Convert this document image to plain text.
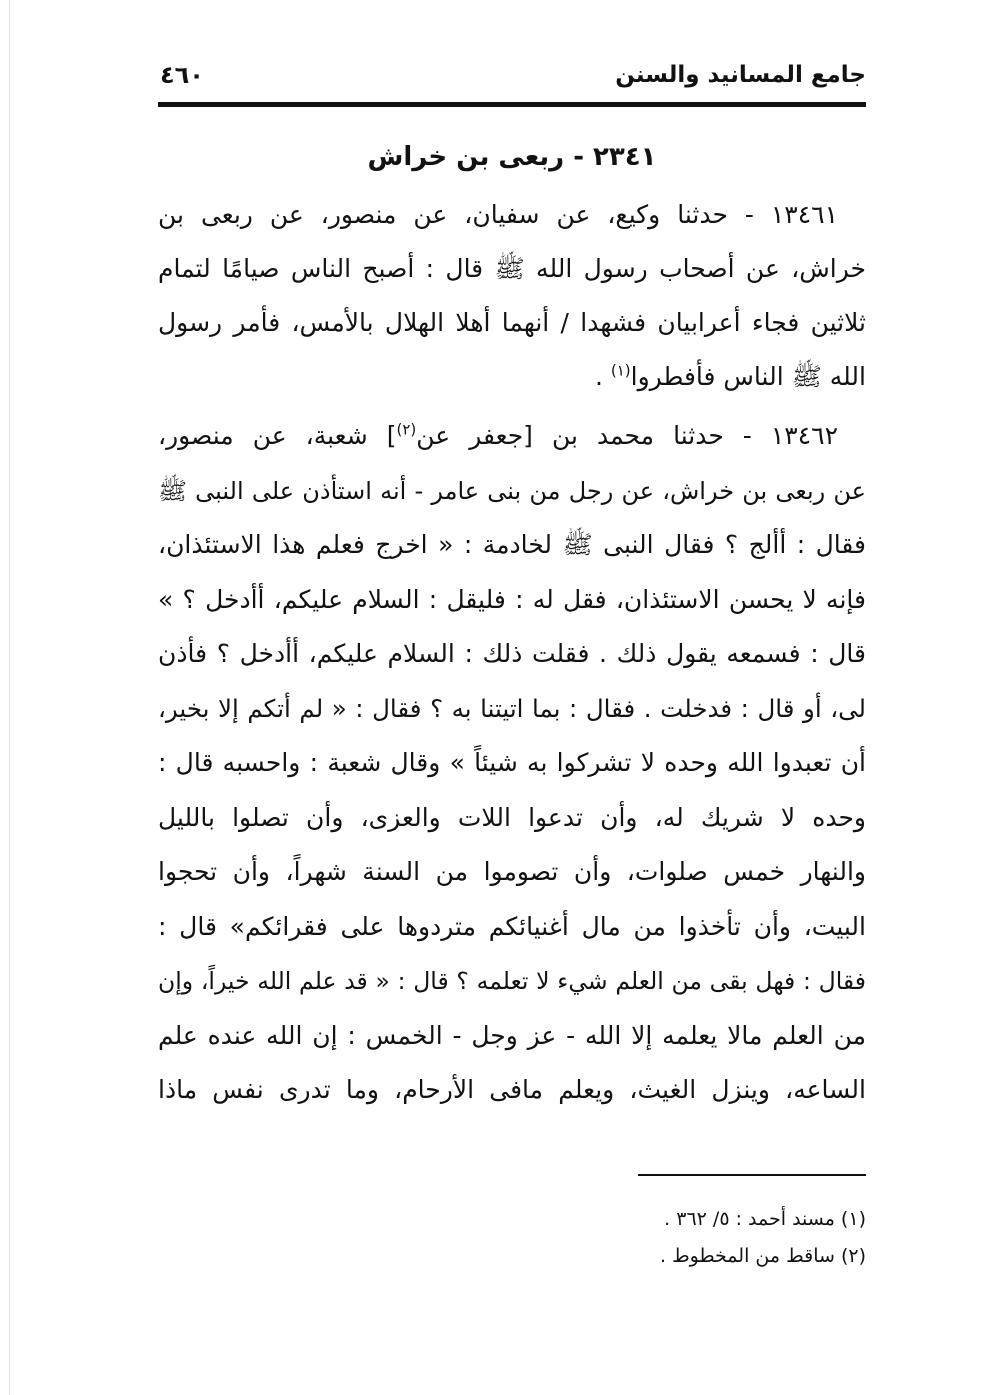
جامع المسانيد والسنن
٤٦٠
٢٣٤١ - ربعى بن خراش
١٣٤٦١ - حدثنا وكيع، عن سفيان، عن منصور، عن ربعى بن
خراش، عن أصحاب رسول الله ﷺ قال : أصبح الناس صيامًا لتمام
ثلاثين فجاء أعرابيان فشهدا / أنهما أهلا الهلال بالأمس، فأمر رسول
الله ﷺ الناس فأفطروا$^{(١)}$ .
١٣٤٦٢ - حدثنا محمد بن [جعفر عن$^{(٢)}$] شعبة، عن منصور،
عن ربعى بن خراش، عن رجل من بنى عامر - أنه استأذن على النبى ﷺ
فقال : أألج ؟ فقال النبى ﷺ لخادمة : « اخرج فعلم هذا الاستئذان،
فإنه لا يحسن الاستئذان، فقل له : فليقل : السلام عليكم، أأدخل ؟ »
قال : فسمعه يقول ذلك . فقلت ذلك : السلام عليكم، أأدخل ؟ فأذن
لى، أو قال : فدخلت . فقال : بما اتيتنا به ؟ فقال : « لم أتكم إلا بخير،
أن تعبدوا الله وحده لا تشركوا به شيئاً » وقال شعبة : واحسبه قال :
وحده لا شريك له، وأن تدعوا اللات والعزى، وأن تصلوا بالليل
والنهار خمس صلوات، وأن تصوموا من السنة شهراً، وأن تحجوا
البيت، وأن تأخذوا من مال أغنيائكم متردوها على فقرائكم» قال :
فقال : فهل بقى من العلم شيء لا تعلمه ؟ قال : « قد علم الله خيراً، وإن
من العلم مالا يعلمه إلا الله - عز وجل - الخمس : إن الله عنده علم
الساعه، وينزل الغيث، ويعلم مافى الأرحام، وما تدرى نفس ماذا
(١) مسند أحمد : ٥/ ٣٦٢ .
(٢) ساقط من المخطوط .
